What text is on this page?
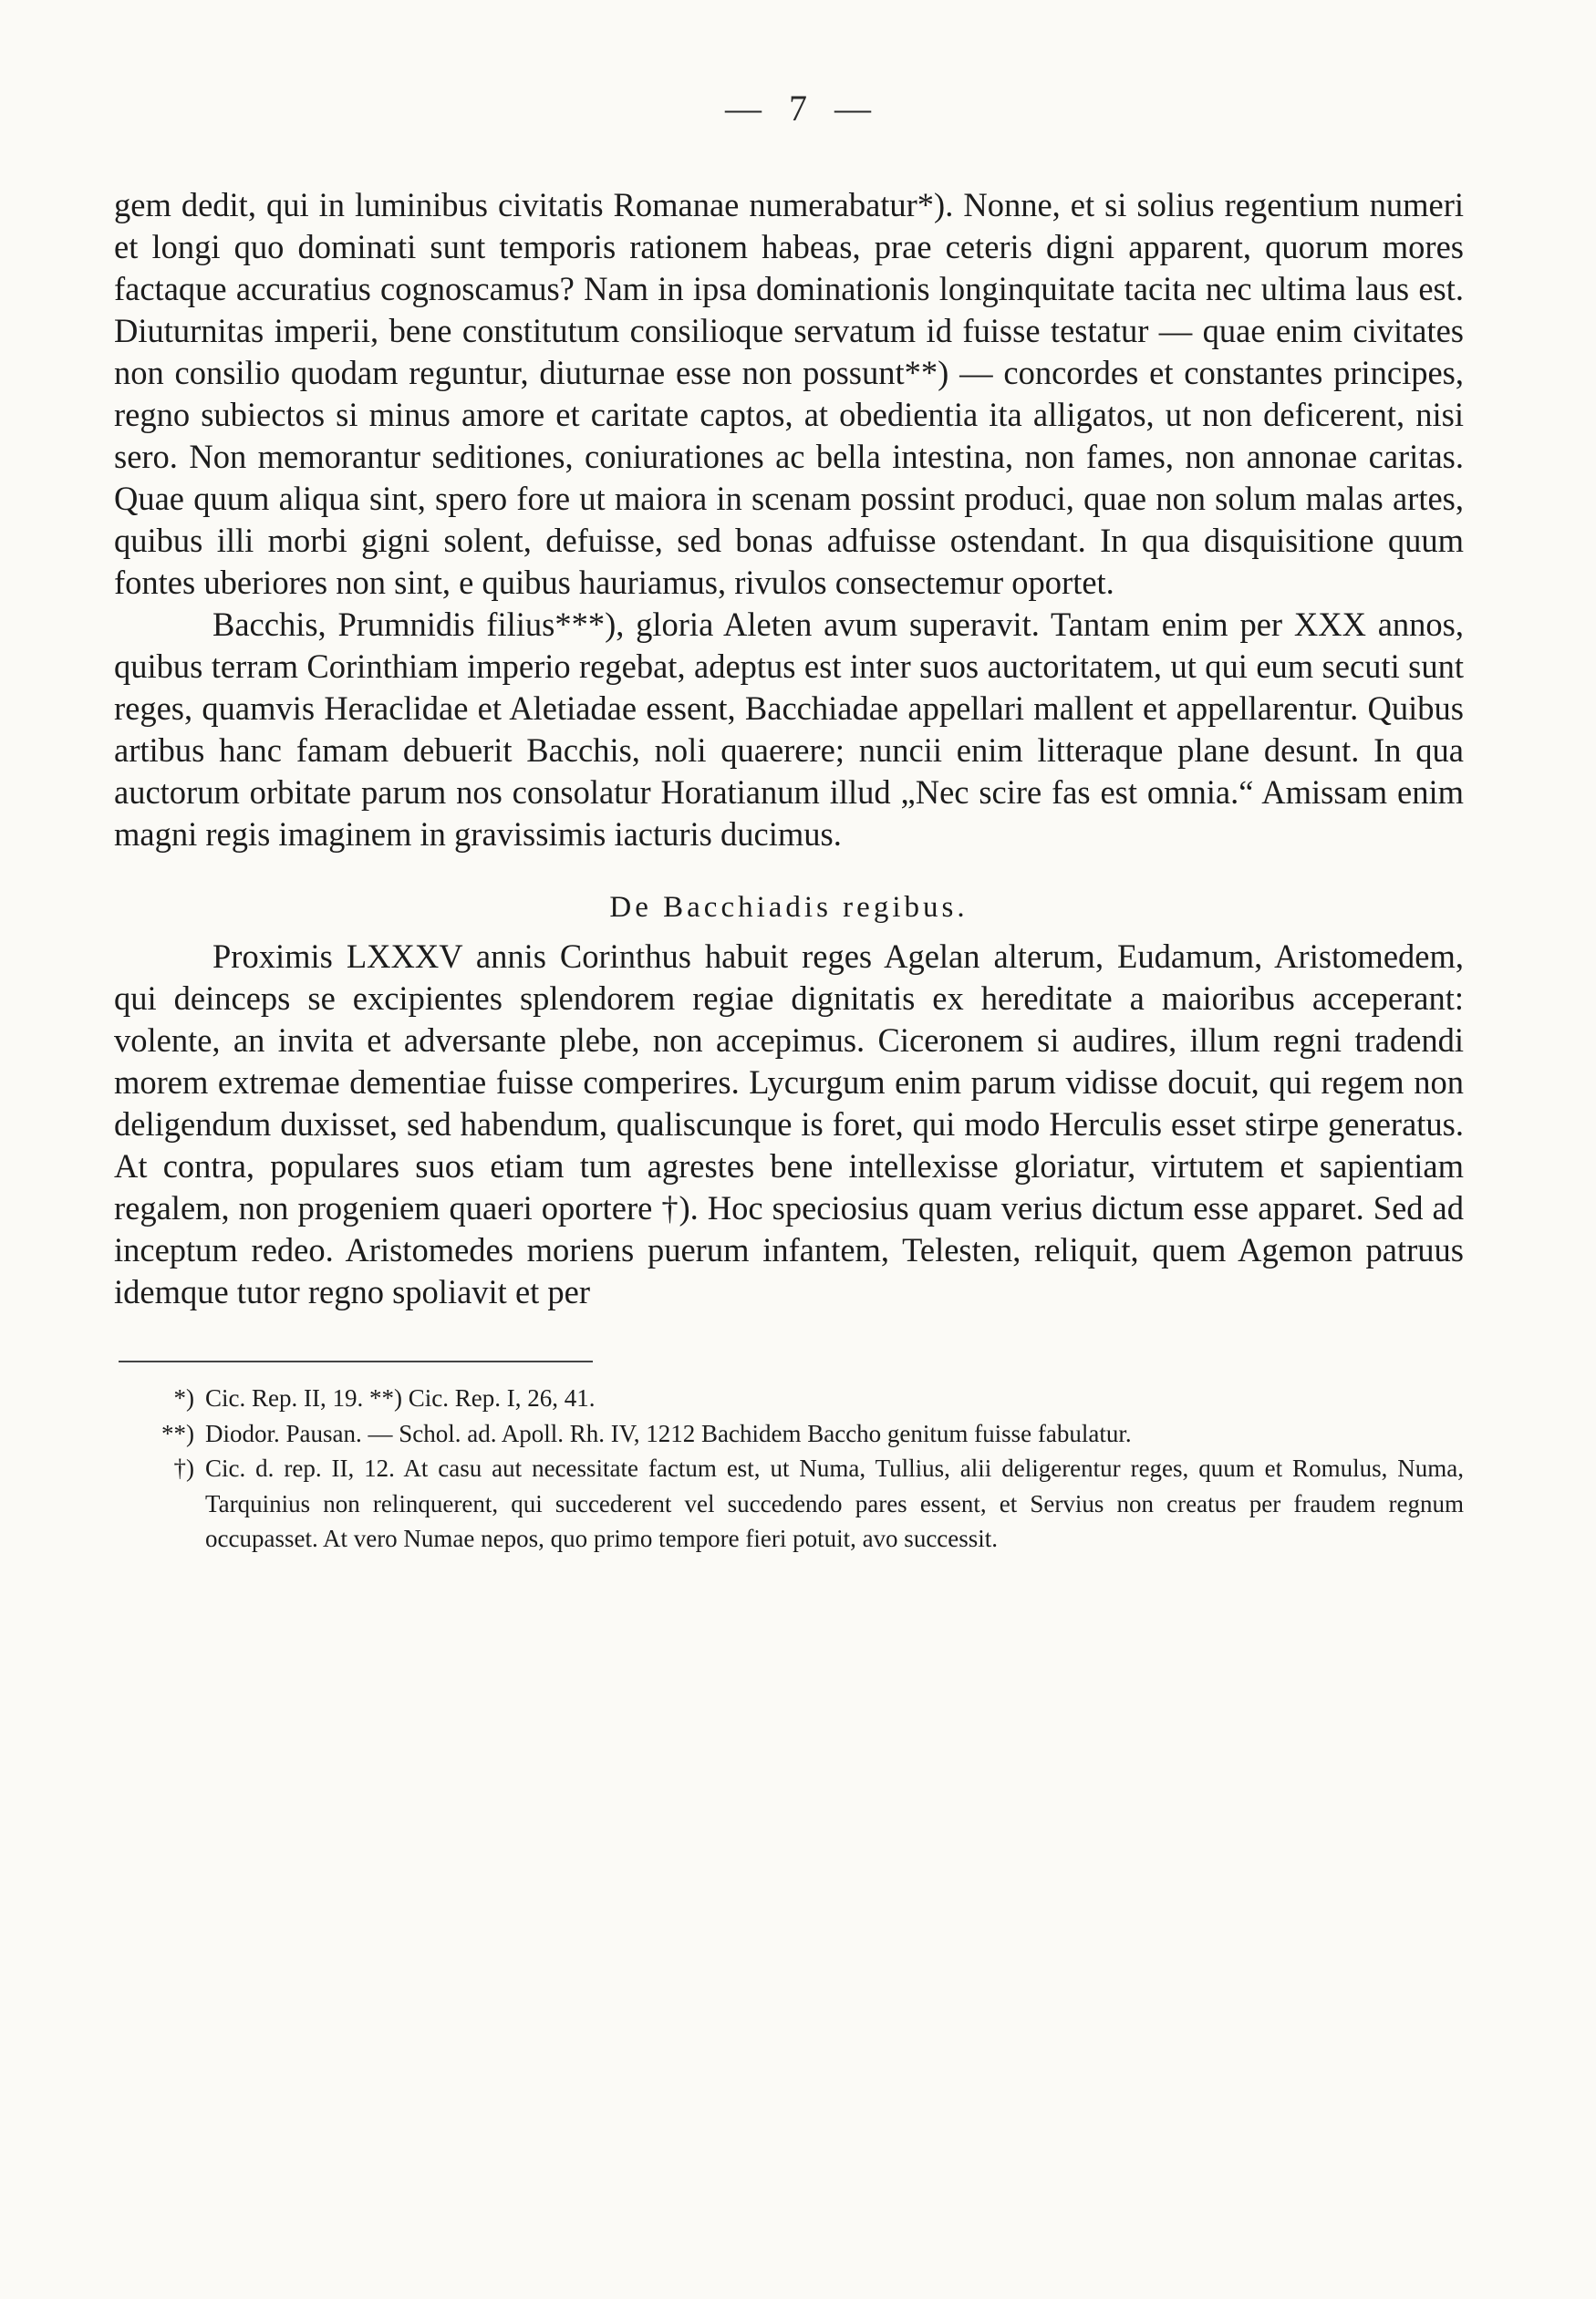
— 7 —

gem dedit, qui in luminibus civitatis Romanae numerabatur*). Nonne, et si solius regentium numeri et longi quo dominati sunt temporis rationem habeas, prae ceteris digni apparent, quorum mores factaque accuratius cognoscamus? Nam in ipsa dominationis longinquitate tacita nec ultima laus est. Diuturnitas imperii, bene constitutum consilioque servatum id fuisse testatur — quae enim civitates non consilio quodam reguntur, diuturnae esse non possunt**) — concordes et constantes principes, regno subiectos si minus amore et caritate captos, at obedientia ita alligatos, ut non deficerent, nisi sero. Non memorantur seditiones, coniurationes ac bella intestina, non fames, non annonae caritas. Quae quum aliqua sint, spero fore ut maiora in scenam possint produci, quae non solum malas artes, quibus illi morbi gigni solent, defuisse, sed bonas adfuisse ostendant. In qua disquisitione quum fontes uberiores non sint, e quibus hauriamus, rivulos consectemur oportet.

Bacchis, Prumnidis filius***), gloria Aleten avum superavit. Tantam enim per XXX annos, quibus terram Corinthiam imperio regebat, adeptus est inter suos auctoritatem, ut qui eum secuti sunt reges, quamvis Heraclidae et Aletiadae essent, Bacchiadae appellari mallent et appellarentur. Quibus artibus hanc famam debuerit Bacchis, noli quaerere; nuncii enim litteraque plane desunt. In qua auctorum orbitate parum nos consolatur Horatianum illud „Nec scire fas est omnia.“ Amissam enim magni regis imaginem in gravissimis iacturis ducimus.

De Bacchiadis regibus.

Proximis LXXXV annis Corinthus habuit reges Agelan alterum, Eudamum, Aristomedem, qui deinceps se excipientes splendorem regiae dignitatis ex hereditate a maioribus acceperant: volente, an invita et adversante plebe, non accepimus. Ciceronem si audires, illum regni tradendi morem extremae dementiae fuisse comperires. Lycurgum enim parum vidisse docuit, qui regem non deligendum duxisset, sed habendum, qualiscunque is foret, qui modo Herculis esset stirpe generatus. At contra, populares suos etiam tum agrestes bene intellexisse gloriatur, virtutem et sapientiam regalem, non progeniem quaeri oportere †). Hoc speciosius quam verius dictum esse apparet. Sed ad inceptum redeo. Aristomedes moriens puerum infantem, Telesten, reliquit, quem Agemon patruus idemque tutor regno spoliavit et per

*) Cic. Rep. II, 19. **) Cic. Rep. I, 26, 41.
**) Diodor. Pausan. — Schol. ad. Apoll. Rh. IV, 1212 Bachidem Baccho genitum fuisse fabulatur.
†) Cic. d. rep. II, 12. At casu aut necessitate factum est, ut Numa, Tullius, alii deligerentur reges, quum et Romulus, Numa, Tarquinius non relinquerent, qui succederent vel succedendo pares essent, et Servius non creatus per fraudem regnum occupasset. At vero Numae nepos, quo primo tempore fieri potuit, avo successit.
